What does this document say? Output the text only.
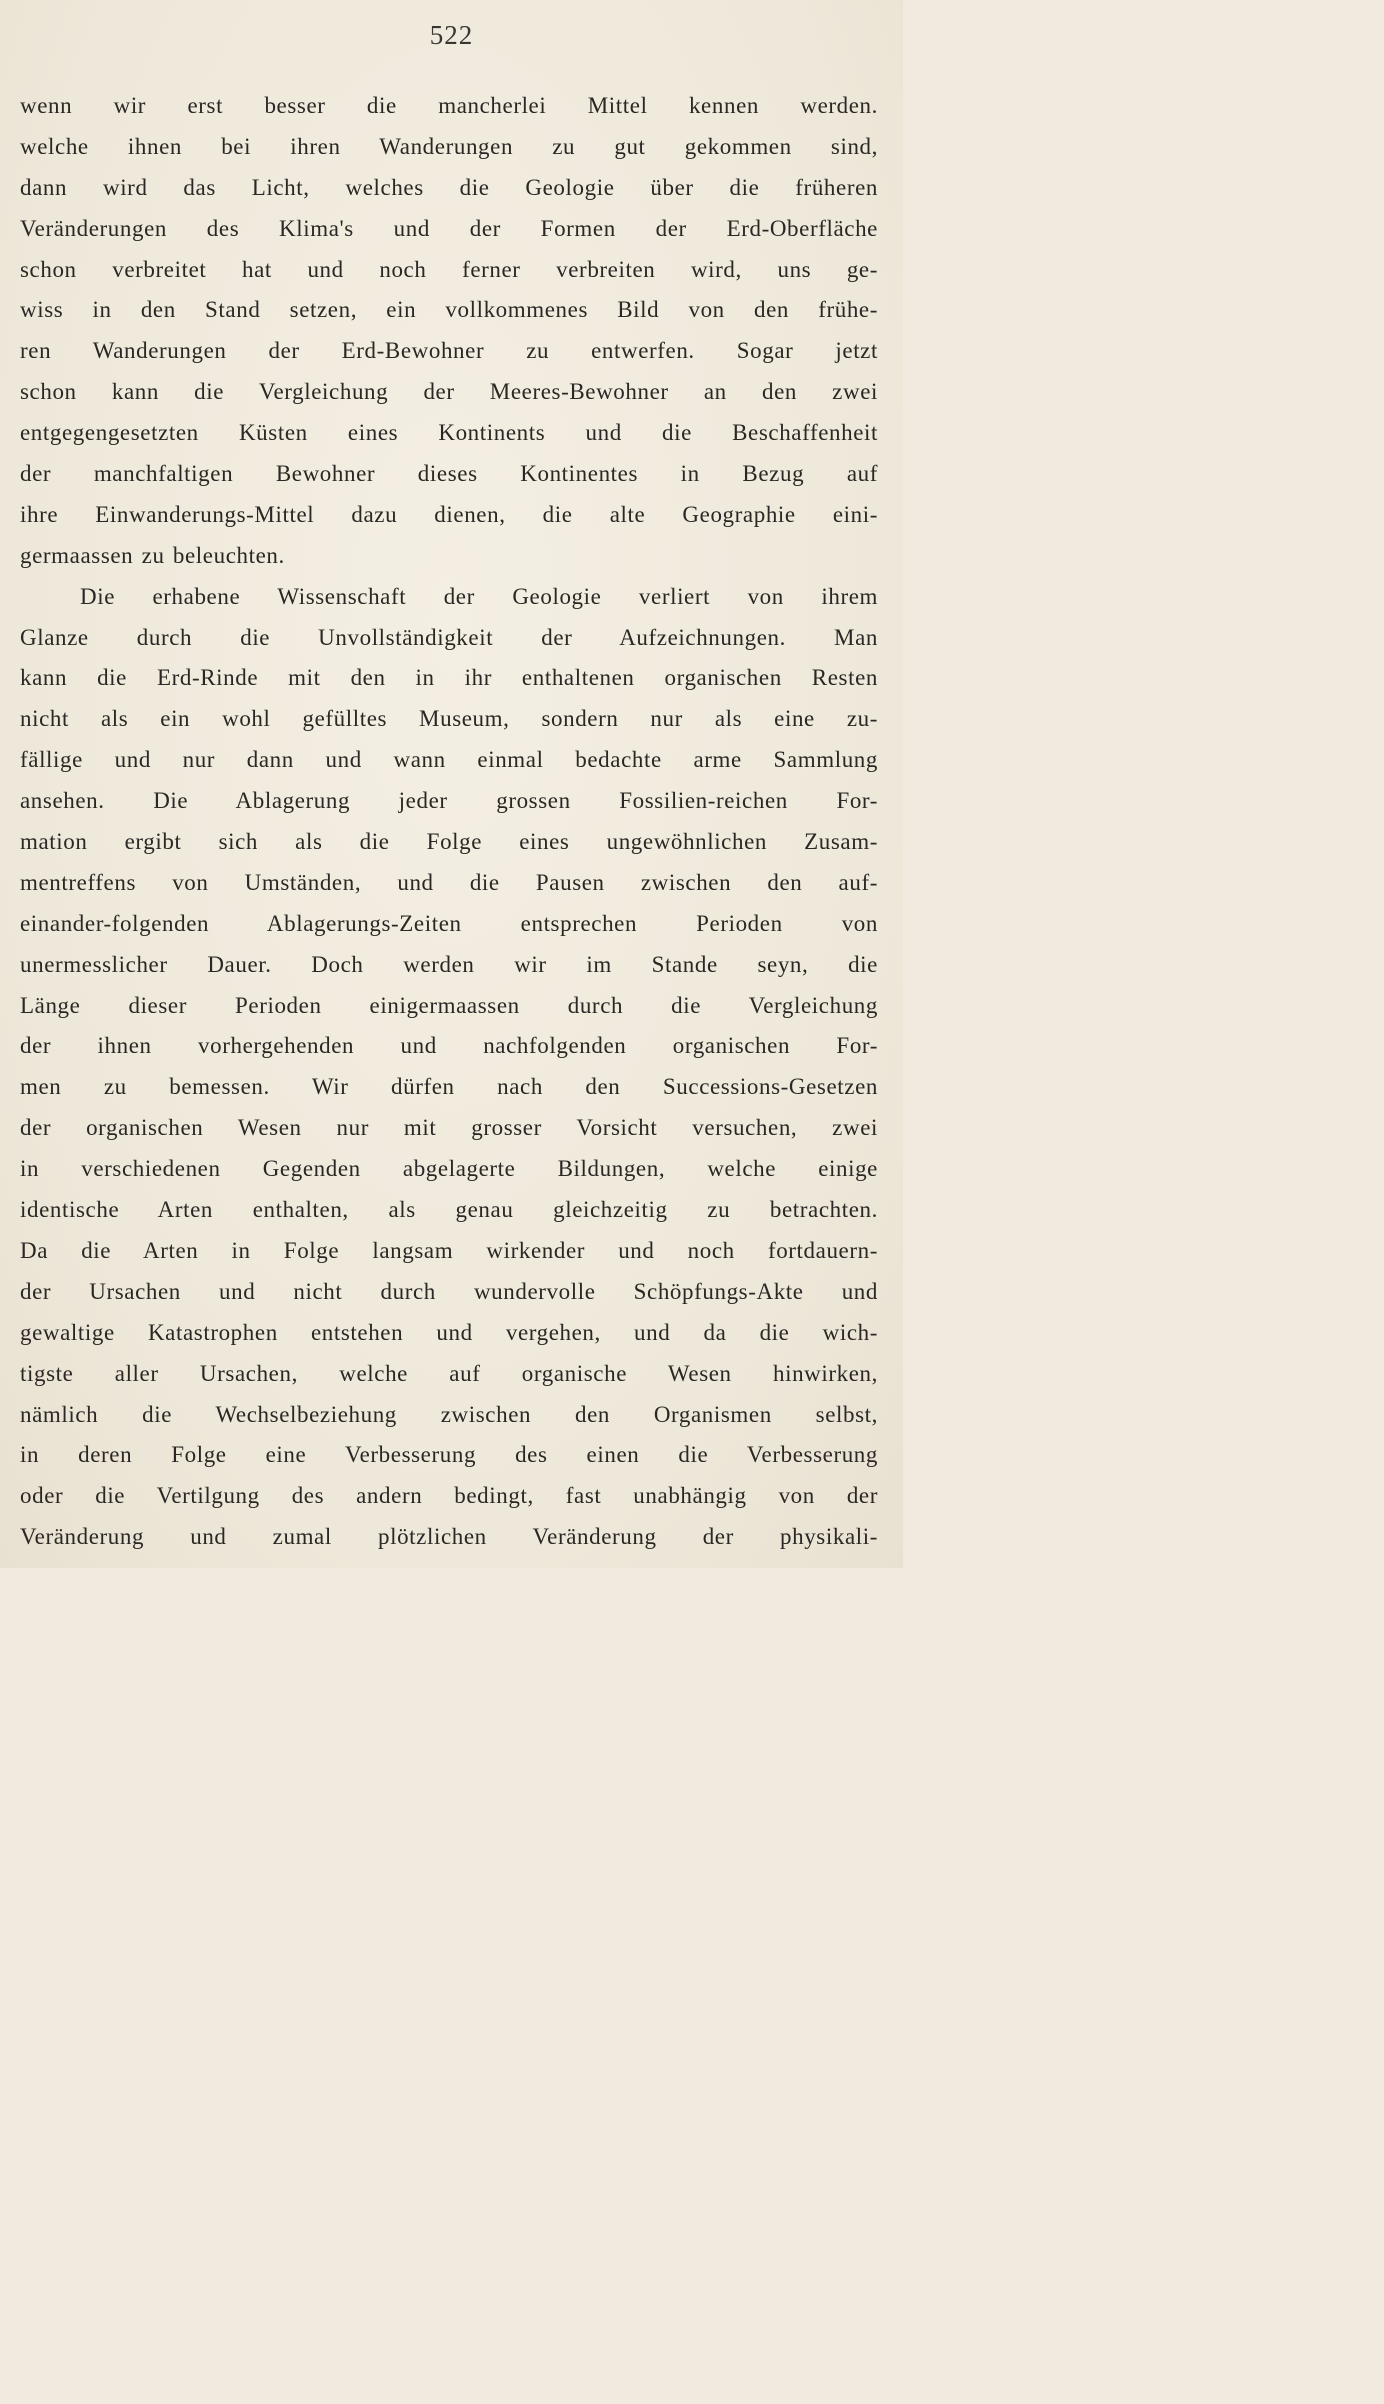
522
wenn wir erst besser die mancherlei Mittel kennen werden.
welche ihnen bei ihren Wanderungen zu gut gekommen sind,
dann wird das Licht, welches die Geologie über die früheren
Veränderungen des Klima's und der Formen der Erd-Oberfläche
schon verbreitet hat und noch ferner verbreiten wird, uns ge-
wiss in den Stand setzen, ein vollkommenes Bild von den frühe-
ren Wanderungen der Erd-Bewohner zu entwerfen. Sogar jetzt
schon kann die Vergleichung der Meeres-Bewohner an den zwei
entgegengesetzten Küsten eines Kontinents und die Beschaffenheit
der manchfaltigen Bewohner dieses Kontinentes in Bezug auf
ihre Einwanderungs-Mittel dazu dienen, die alte Geographie eini-
germaassen zu beleuchten.
Die erhabene Wissenschaft der Geologie verliert von ihrem
Glanze durch die Unvollständigkeit der Aufzeichnungen. Man
kann die Erd-Rinde mit den in ihr enthaltenen organischen Resten
nicht als ein wohl gefülltes Museum, sondern nur als eine zu-
fällige und nur dann und wann einmal bedachte arme Sammlung
ansehen. Die Ablagerung jeder grossen Fossilien-reichen For-
mation ergibt sich als die Folge eines ungewöhnlichen Zusam-
mentreffens von Umständen, und die Pausen zwischen den auf-
einander-folgenden Ablagerungs-Zeiten entsprechen Perioden von
unermesslicher Dauer. Doch werden wir im Stande seyn, die
Länge dieser Perioden einigermaassen durch die Vergleichung
der ihnen vorhergehenden und nachfolgenden organischen For-
men zu bemessen. Wir dürfen nach den Successions-Gesetzen
der organischen Wesen nur mit grosser Vorsicht versuchen, zwei
in verschiedenen Gegenden abgelagerte Bildungen, welche einige
identische Arten enthalten, als genau gleichzeitig zu betrachten.
Da die Arten in Folge langsam wirkender und noch fortdauern-
der Ursachen und nicht durch wundervolle Schöpfungs-Akte und
gewaltige Katastrophen entstehen und vergehen, und da die wich-
tigste aller Ursachen, welche auf organische Wesen hinwirken,
nämlich die Wechselbeziehung zwischen den Organismen selbst,
in deren Folge eine Verbesserung des einen die Verbesserung
oder die Vertilgung des andern bedingt, fast unabhängig von der
Veränderung und zumal plötzlichen Veränderung der physikali-
